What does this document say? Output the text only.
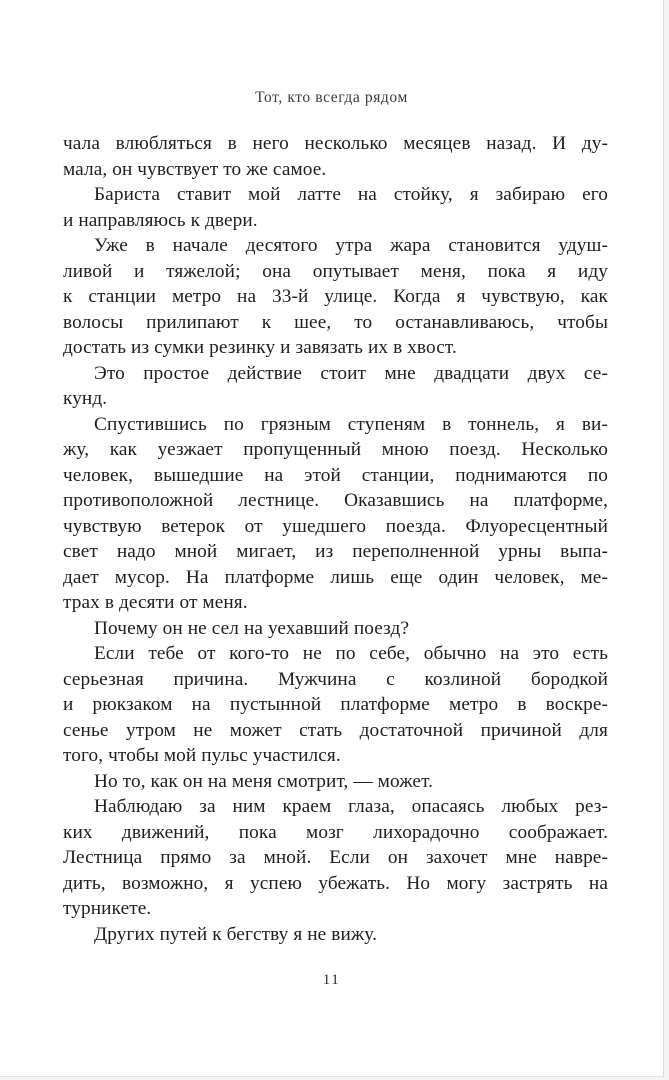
Тот, кто всегда рядом
чала влюбляться в него несколько месяцев назад. И ду-
мала, он чувствует то же самое.
Бариста ставит мой латте на стойку, я забираю его
и направляюсь к двери.
Уже в начале десятого утра жара становится удуш-
ливой и тяжелой; она опутывает меня, пока я иду
к станции метро на 33-й улице. Когда я чувствую, как
волосы прилипают к шее, то останавливаюсь, чтобы
достать из сумки резинку и завязать их в хвост.
Это простое действие стоит мне двадцати двух се-
кунд.
Спустившись по грязным ступеням в тоннель, я ви-
жу, как уезжает пропущенный мною поезд. Несколько
человек, вышедшие на этой станции, поднимаются по
противоположной лестнице. Оказавшись на платформе,
чувствую ветерок от ушедшего поезда. Флуоресцентный
свет надо мной мигает, из переполненной урны выпа-
дает мусор. На платформе лишь еще один человек, ме-
трах в десяти от меня.
Почему он не сел на уехавший поезд?
Если тебе от кого-то не по себе, обычно на это есть
серьезная причина. Мужчина с козлиной бородкой
и рюкзаком на пустынной платформе метро в воскре-
сенье утром не может стать достаточной причиной для
того, чтобы мой пульс участился.
Но то, как он на меня смотрит, — может.
Наблюдаю за ним краем глаза, опасаясь любых рез-
ких движений, пока мозг лихорадочно соображает.
Лестница прямо за мной. Если он захочет мне навре-
дить, возможно, я успею убежать. Но могу застрять на
турникете.
Других путей к бегству я не вижу.
11
